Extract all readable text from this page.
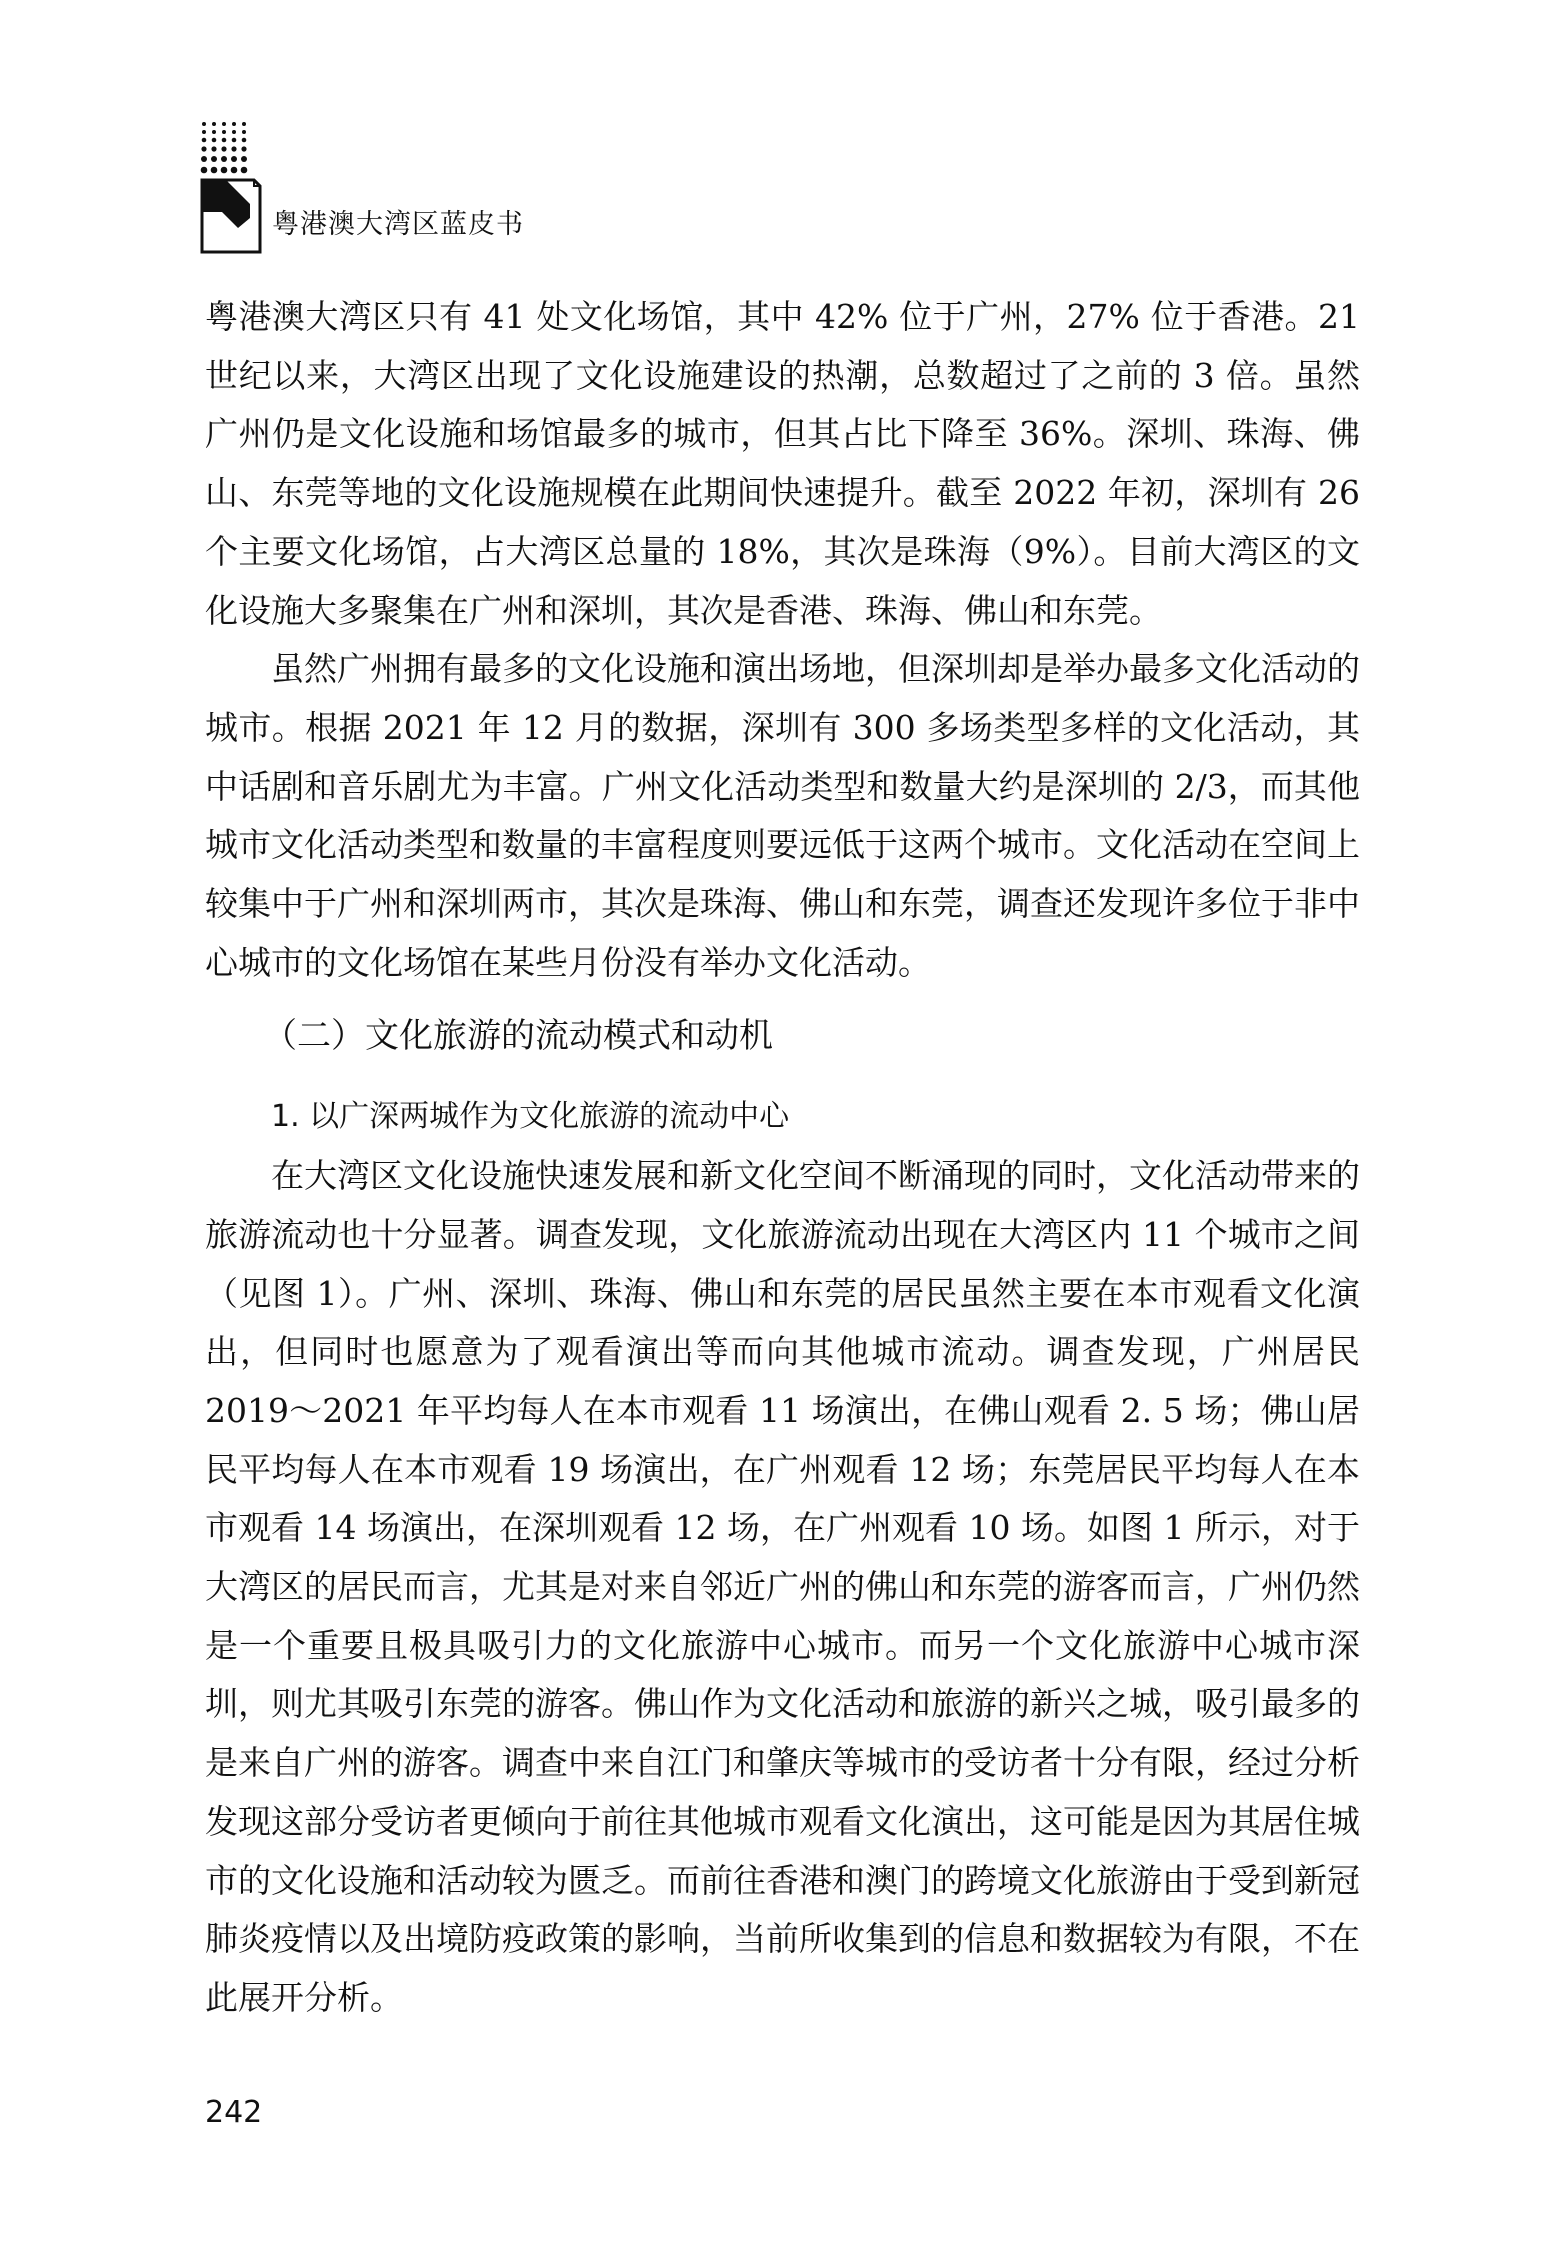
粤港澳大湾区蓝皮书

粤港澳大湾区只有 41 处文化场馆，其中 42% 位于广州，27% 位于香港。21 世纪以来，大湾区出现了文化设施建设的热潮，总数超过了之前的 3 倍。虽然广州仍是文化设施和场馆最多的城市，但其占比下降至 36%。深圳、珠海、佛山、东莞等地的文化设施规模在此期间快速提升。截至 2022 年初，深圳有 26 个主要文化场馆，占大湾区总量的 18%，其次是珠海（9%）。目前大湾区的文化设施大多聚集在广州和深圳，其次是香港、珠海、佛山和东莞。

虽然广州拥有最多的文化设施和演出场地，但深圳却是举办最多文化活动的城市。根据 2021 年 12 月的数据，深圳有 300 多场类型多样的文化活动，其中话剧和音乐剧尤为丰富。广州文化活动类型和数量大约是深圳的 2/3，而其他城市文化活动类型和数量的丰富程度则要远低于这两个城市。文化活动在空间上较集中于广州和深圳两市，其次是珠海、佛山和东莞，调查还发现许多位于非中心城市的文化场馆在某些月份没有举办文化活动。

（二）文化旅游的流动模式和动机
1. 以广深两城作为文化旅游的流动中心

在大湾区文化设施快速发展和新文化空间不断涌现的同时，文化活动带来的旅游流动也十分显著。调查发现，文化旅游流动出现在大湾区内 11 个城市之间（见图 1）。广州、深圳、珠海、佛山和东莞的居民虽然主要在本市观看文化演出，但同时也愿意为了观看演出等而向其他城市流动。调查发现，广州居民 2019～2021 年平均每人在本市观看 11 场演出，在佛山观看 2. 5 场；佛山居民平均每人在本市观看 19 场演出，在广州观看 12 场；东莞居民平均每人在本市观看 14 场演出，在深圳观看 12 场，在广州观看 10 场。如图 1 所示，对于大湾区的居民而言，尤其是对来自邻近广州的佛山和东莞的游客而言，广州仍然是一个重要且极具吸引力的文化旅游中心城市。而另一个文化旅游中心城市深圳，则尤其吸引东莞的游客。佛山作为文化活动和旅游的新兴之城，吸引最多的是来自广州的游客。调查中来自江门和肇庆等城市的受访者十分有限，经过分析发现这部分受访者更倾向于前往其他城市观看文化演出，这可能是因为其居住城市的文化设施和活动较为匮乏。而前往香港和澳门的跨境文化旅游由于受到新冠肺炎疫情以及出境防疫政策的影响，当前所收集到的信息和数据较为有限，不在此展开分析。

242
